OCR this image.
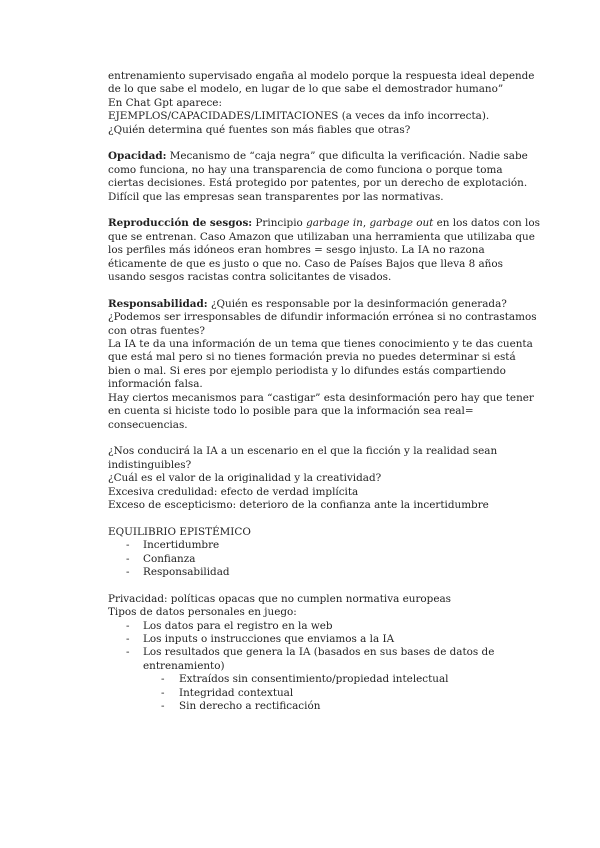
entrenamiento supervisado engaña al modelo porque la respuesta ideal depende de lo que sabe el modelo, en lugar de lo que sabe el demostrador humano”

En Chat Gpt aparece:

EJEMPLOS/CAPACIDADES/LIMITACIONES (a veces da info incorrecta).

¿Quién determina qué fuentes son más fiables que otras?

Opacidad: Mecanismo de “caja negra” que dificulta la verificación. Nadie sabe como funciona, no hay una transparencia de como funciona o porque toma ciertas decisiones. Está protegido por patentes, por un derecho de explotación. Difícil que las empresas sean transparentes por las normativas.

Reproducción de sesgos: Principio garbage in, garbage out en los datos con los que se entrenan. Caso Amazon que utilizaban una herramienta que utilizaba que los perfiles más idóneos eran hombres = sesgo injusto. La IA no razona éticamente de que es justo o que no. Caso de Países Bajos que lleva 8 años usando sesgos racistas contra solicitantes de visados.

Responsabilidad: ¿Quién es responsable por la desinformación generada?

¿Podemos ser irresponsables de difundir información errónea si no contrastamos con otras fuentes?

La IA te da una información de un tema que tienes conocimiento y te das cuenta que está mal pero si no tienes formación previa no puedes determinar si está bien o mal. Si eres por ejemplo periodista y lo difundes estás compartiendo información falsa.

Hay ciertos mecanismos para “castigar” esta desinformación pero hay que tener en cuenta si hiciste todo lo posible para que la información sea real= consecuencias.

¿Nos conducirá la IA a un escenario en el que la ficción y la realidad sean indistinguibles?

¿Cuál es el valor de la originalidad y la creatividad?

Excesiva credulidad: efecto de verdad implícita

Exceso de escepticismo: deterioro de la confianza ante la incertidumbre

EQUILIBRIO EPISTÉMICO

- Incertidumbre
- Confianza
- Responsabilidad

Privacidad: políticas opacas que no cumplen normativa europeas

Tipos de datos personales en juego:

- Los datos para el registro en la web
- Los inputs o instrucciones que enviamos a la IA
- Los resultados que genera la IA (basados en sus bases de datos de entrenamiento)
- Extraídos sin consentimiento/propiedad intelectual
- Integridad contextual
- Sin derecho a rectificación
